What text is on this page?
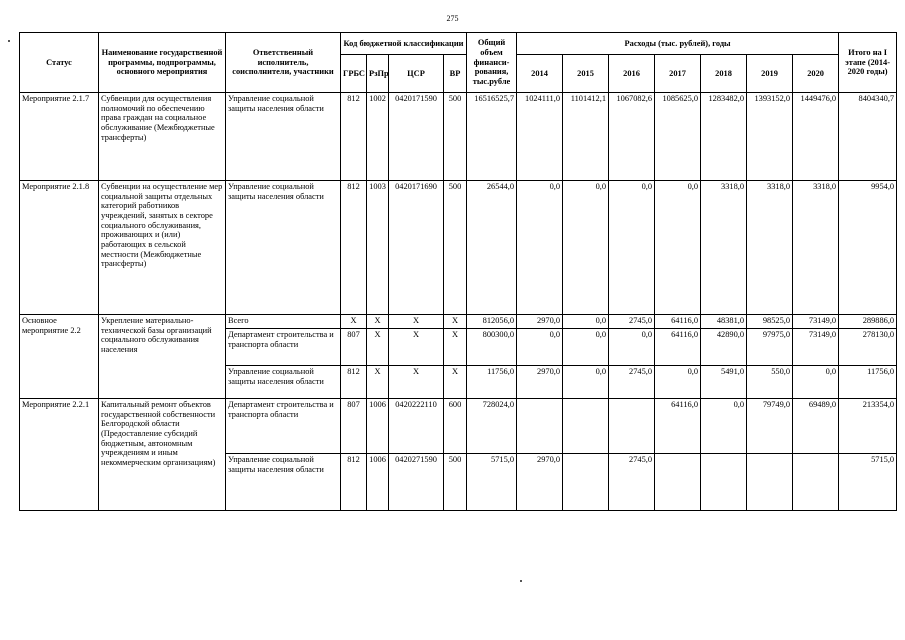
275
Статус	Наименование государственной программы, подпрограммы, основного мероприятия	Ответственный исполнитель, соисполнители, участники	Код бюджетной классификации				Общий объем финанси-рования, тыс.рубле	Расходы (тыс. рублей), годы							Итого на I этапе (2014-2020 годы)
			ГРБС	РзПр	ЦСР	ВР		2014	2015	2016	2017	2018	2019	2020	
Мероприятие 2.1.7	Субвенции для осуществления полномочий по обеспечению права граждан на социальное обслуживание (Межбюджетные трансферты)	Управление социальной защиты населения области	812	1002	0420171590	500	16516525,7	1024111,0	1101412,1	1067082,6	1085625,0	1283482,0	1393152,0	1449476,0	8404340,7
Мероприятие 2.1.8	Субвенции на осуществление мер социальной защиты отдельных категорий работников учреждений, занятых в секторе социального обслуживания, проживающих и (или) работающих в сельской местности (Межбюджетные трансферты)	Управление социальной защиты населения области	812	1003	0420171690	500	26544,0	0,0	0,0	0,0	0,0	3318,0	3318,0	3318,0	9954,0
Основное мероприятие 2.2	Укрепление материально-технической базы организаций социального обслуживания населения	Всего	Х	Х	Х	Х	812056,0	2970,0	0,0	2745,0	64116,0	48381,0	98525,0	73149,0	289886,0
		Департамент строительства и транспорта области	807	Х	Х	Х	800300,0	0,0	0,0	0,0	64116,0	42890,0	97975,0	73149,0	278130,0
		Управление социальной защиты населения области	812	Х	Х	Х	11756,0	2970,0	0,0	2745,0	0,0	5491,0	550,0	0,0	11756,0
Мероприятие 2.2.1	Капитальный ремонт объектов государственной собственности Белгородской области (Предоставление субсидий бюджетным, автономным учреждениям и иным некоммерческим организациям)	Департамент строительства и транспорта области	807	1006	0420222110	600	728024,0				64116,0	0,0	79749,0	69489,0	213354,0
		Управление социальной защиты населения области	812	1006	0420271590	500	5715,0	2970,0		2745,0					5715,0
